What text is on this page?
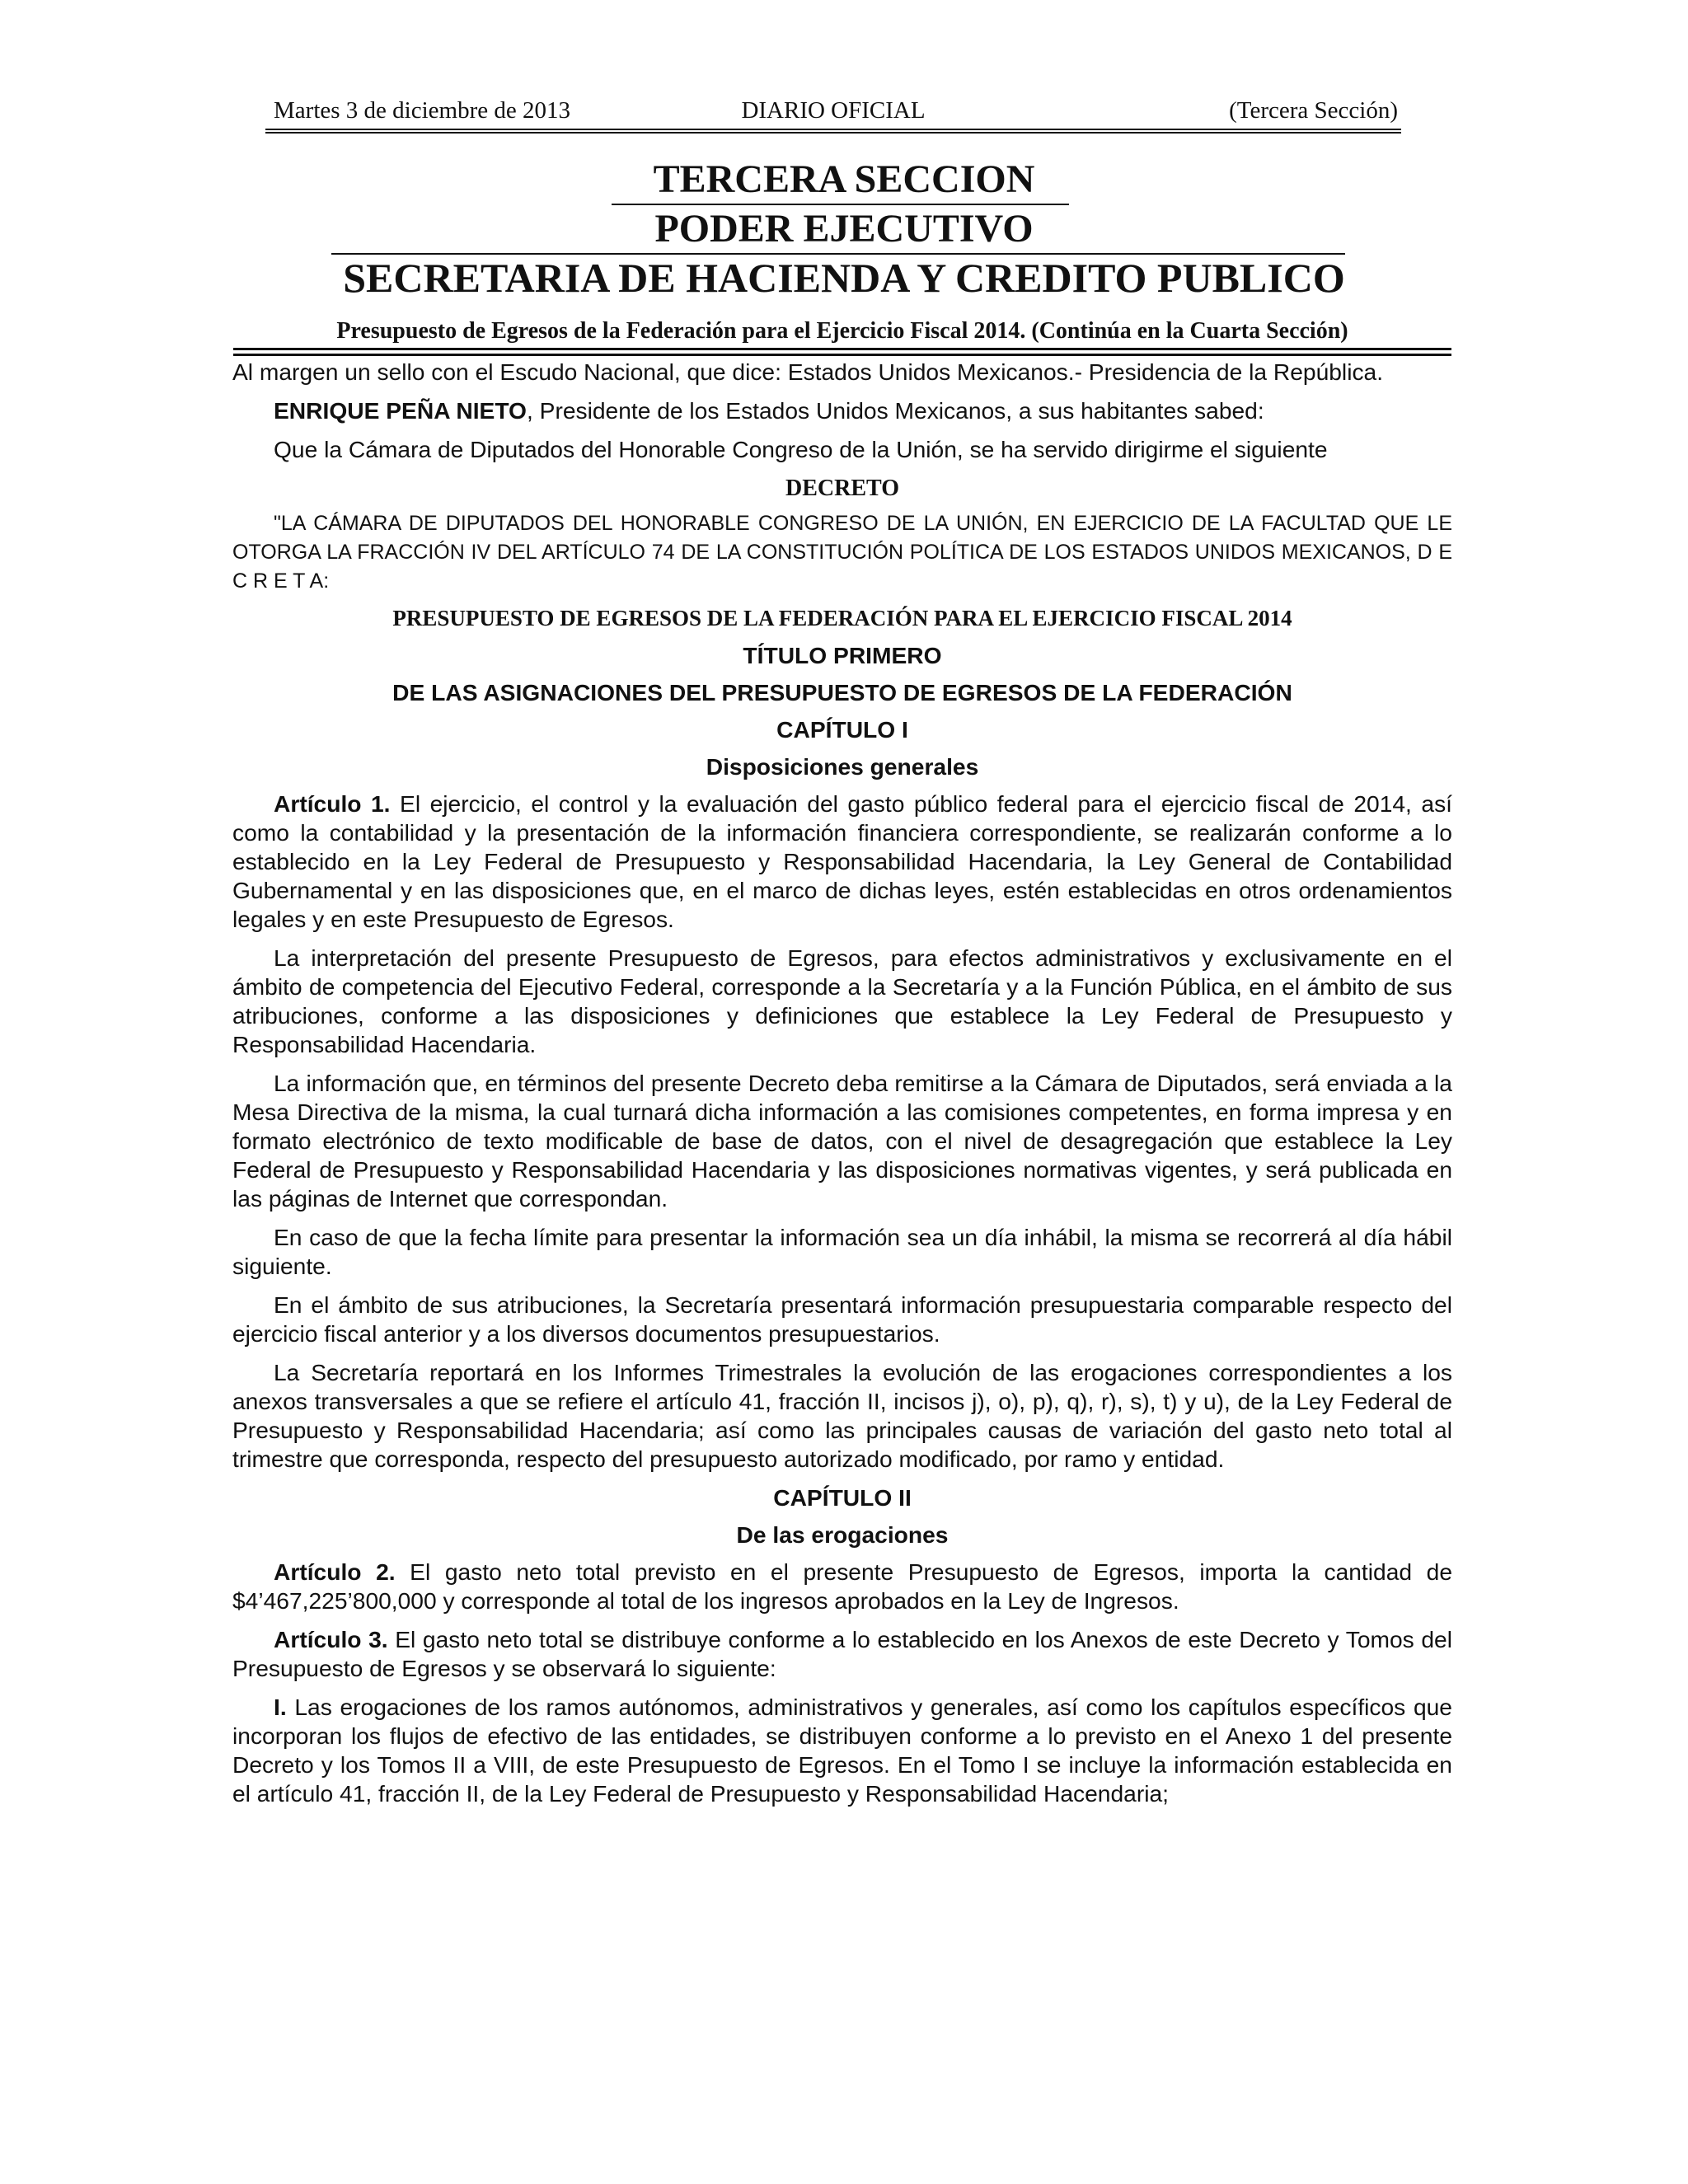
Martes 3 de diciembre de 2013	DIARIO OFICIAL	(Tercera Sección)
TERCERA SECCION
PODER EJECUTIVO
SECRETARIA DE HACIENDA Y CREDITO PUBLICO
Presupuesto de Egresos de la Federación para el Ejercicio Fiscal 2014. (Continúa en la Cuarta Sección)

Al margen un sello con el Escudo Nacional, que dice: Estados Unidos Mexicanos.- Presidencia de la República.

ENRIQUE PEÑA NIETO, Presidente de los Estados Unidos Mexicanos, a sus habitantes sabed:

Que la Cámara de Diputados del Honorable Congreso de la Unión, se ha servido dirigirme el siguiente

DECRETO

"LA CÁMARA DE DIPUTADOS DEL HONORABLE CONGRESO DE LA UNIÓN, EN EJERCICIO DE LA FACULTAD QUE LE OTORGA LA FRACCIÓN IV DEL ARTÍCULO 74 DE LA CONSTITUCIÓN POLÍTICA DE LOS ESTADOS UNIDOS MEXICANOS, D E C R E T A:

PRESUPUESTO DE EGRESOS DE LA FEDERACIÓN PARA EL EJERCICIO FISCAL 2014
TÍTULO PRIMERO
DE LAS ASIGNACIONES DEL PRESUPUESTO DE EGRESOS DE LA FEDERACIÓN
CAPÍTULO I
Disposiciones generales

Artículo 1. El ejercicio, el control y la evaluación del gasto público federal para el ejercicio fiscal de 2014, así como la contabilidad y la presentación de la información financiera correspondiente, se realizarán conforme a lo establecido en la Ley Federal de Presupuesto y Responsabilidad Hacendaria, la Ley General de Contabilidad Gubernamental y en las disposiciones que, en el marco de dichas leyes, estén establecidas en otros ordenamientos legales y en este Presupuesto de Egresos.

La interpretación del presente Presupuesto de Egresos, para efectos administrativos y exclusivamente en el ámbito de competencia del Ejecutivo Federal, corresponde a la Secretaría y a la Función Pública, en el ámbito de sus atribuciones, conforme a las disposiciones y definiciones que establece la Ley Federal de Presupuesto y Responsabilidad Hacendaria.

La información que, en términos del presente Decreto deba remitirse a la Cámara de Diputados, será enviada a la Mesa Directiva de la misma, la cual turnará dicha información a las comisiones competentes, en forma impresa y en formato electrónico de texto modificable de base de datos, con el nivel de desagregación que establece la Ley Federal de Presupuesto y Responsabilidad Hacendaria y las disposiciones normativas vigentes, y será publicada en las páginas de Internet que correspondan.

En caso de que la fecha límite para presentar la información sea un día inhábil, la misma se recorrerá al día hábil siguiente.

En el ámbito de sus atribuciones, la Secretaría presentará información presupuestaria comparable respecto del ejercicio fiscal anterior y a los diversos documentos presupuestarios.

La Secretaría reportará en los Informes Trimestrales la evolución de las erogaciones correspondientes a los anexos transversales a que se refiere el artículo 41, fracción II, incisos j), o), p), q), r), s), t) y u), de la Ley Federal de Presupuesto y Responsabilidad Hacendaria; así como las principales causas de variación del gasto neto total al trimestre que corresponda, respecto del presupuesto autorizado modificado, por ramo y entidad.

CAPÍTULO II
De las erogaciones

Artículo 2. El gasto neto total previsto en el presente Presupuesto de Egresos, importa la cantidad de $4’467,225’800,000 y corresponde al total de los ingresos aprobados en la Ley de Ingresos.

Artículo 3. El gasto neto total se distribuye conforme a lo establecido en los Anexos de este Decreto y Tomos del Presupuesto de Egresos y se observará lo siguiente:

I. Las erogaciones de los ramos autónomos, administrativos y generales, así como los capítulos específicos que incorporan los flujos de efectivo de las entidades, se distribuyen conforme a lo previsto en el Anexo 1 del presente Decreto y los Tomos II a VIII, de este Presupuesto de Egresos. En el Tomo I se incluye la información establecida en el artículo 41, fracción II, de la Ley Federal de Presupuesto y Responsabilidad Hacendaria;
